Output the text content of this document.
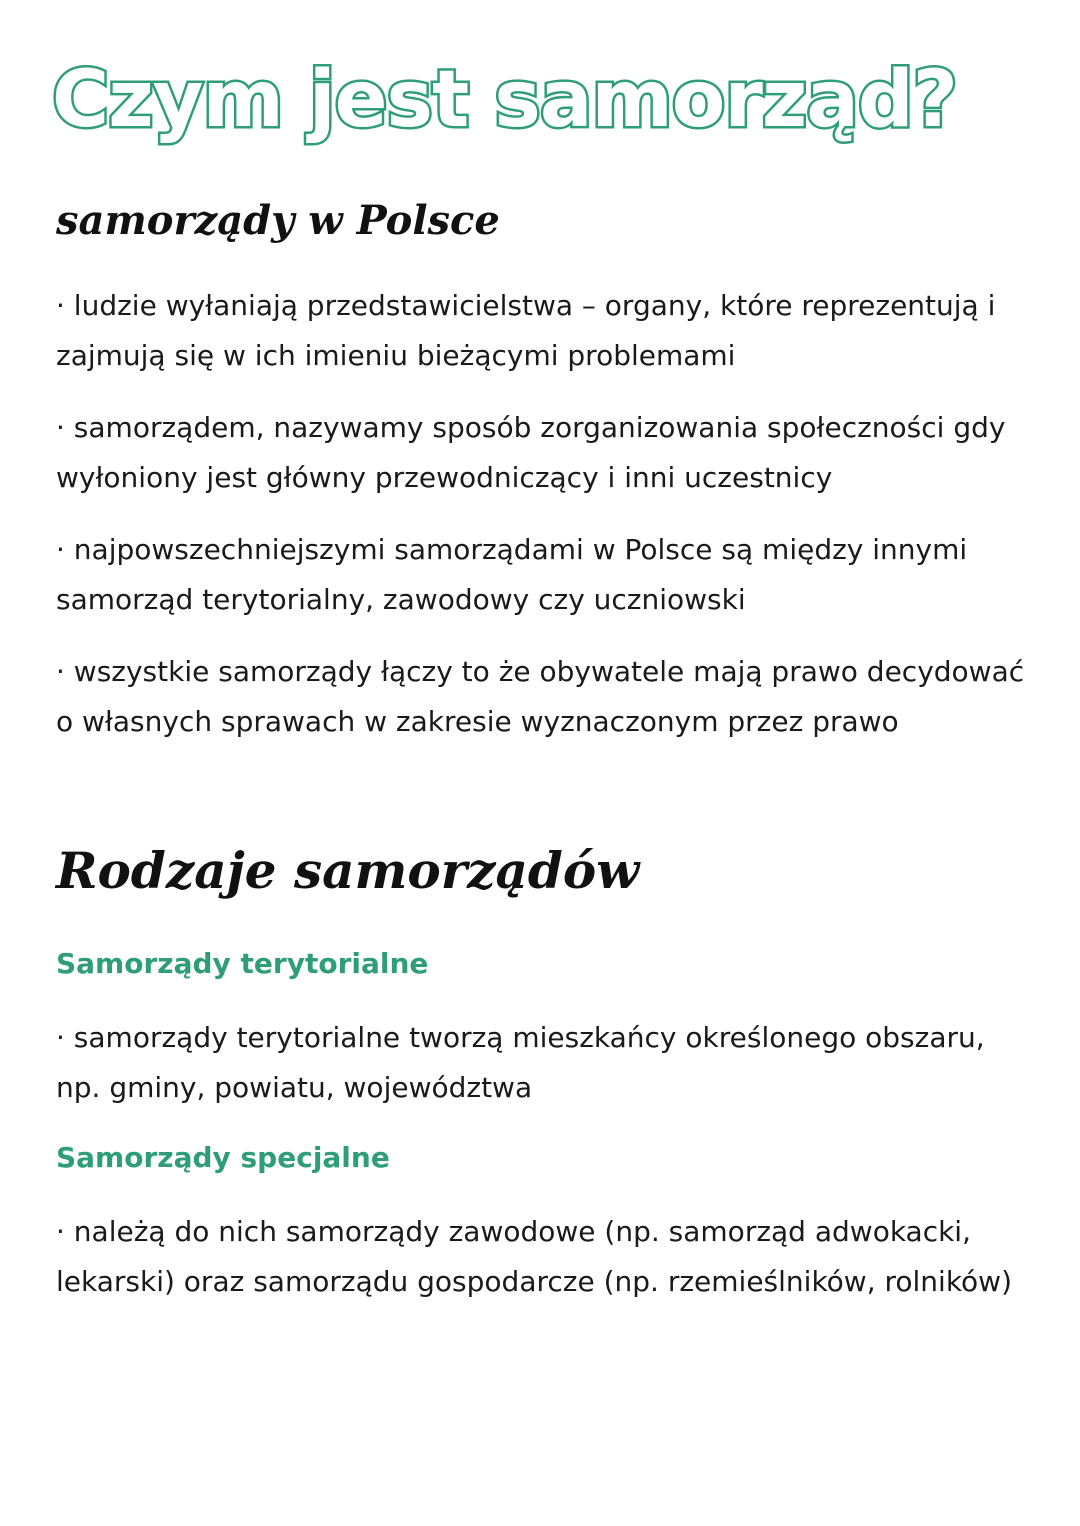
Czym jest samorząd?
samorządy w Polsce

· ludzie wyłaniają przedstawicielstwa – organy, które reprezentują i zajmują się w ich imieniu bieżącymi problemami

· samorządem, nazywamy sposób zorganizowania społeczności gdy wyłoniony jest główny przewodniczący i inni uczestnicy

· najpowszechniejszymi samorządami w Polsce są między innymi samorząd terytorialny, zawodowy czy uczniowski

· wszystkie samorządy łączy to że obywatele mają prawo decydować o własnych sprawach w zakresie wyznaczonym przez prawo

Rodzaje samorządów
Samorządy terytorialne

· samorządy terytorialne tworzą mieszkańcy określonego obszaru, np. gminy, powiatu, województwa

Samorządy specjalne

· należą do nich samorządy zawodowe (np. samorząd adwokacki, lekarski) oraz samorządu gospodarcze (np. rzemieślników, rolników)
